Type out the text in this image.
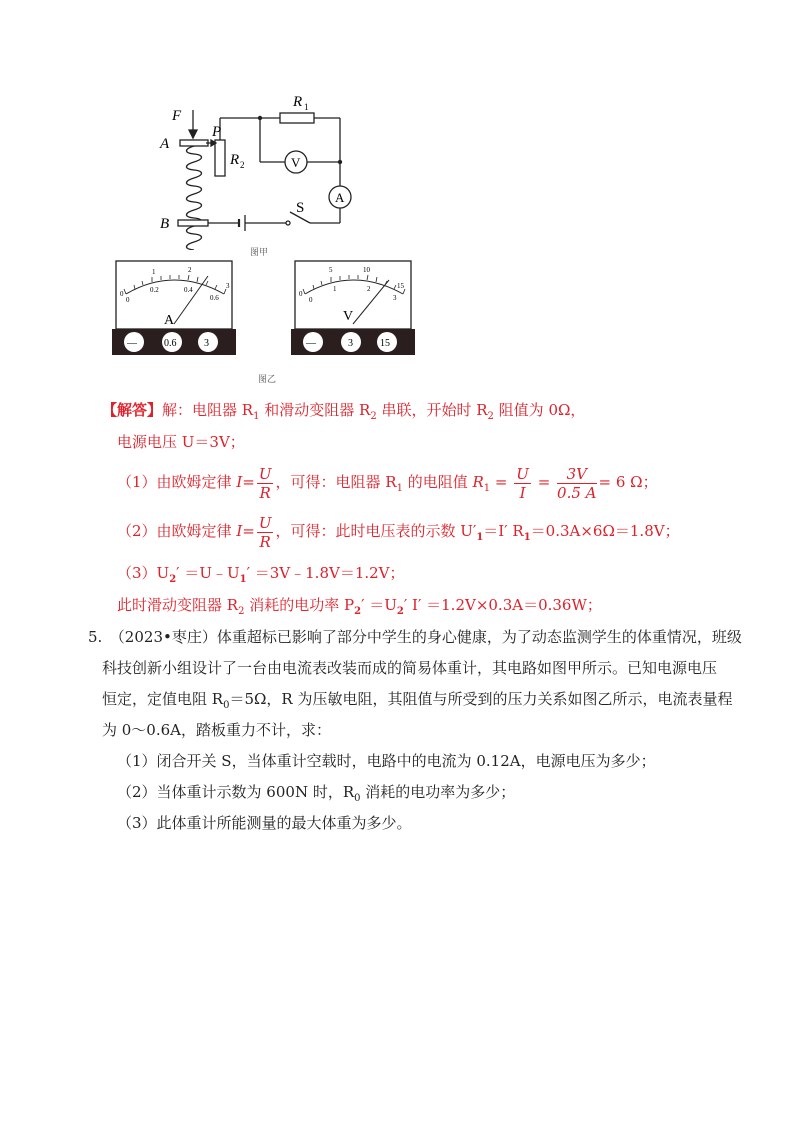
F
A
B
P
R 1
R 2	V
A
S
图甲
0
1	2
3
0
0.2	0.4
0.6
A
—	0.6	3
0
5	10
15
0
1	2
3
V
—	3	15
图乙
【解答】解：电阻器 $R_1$ 和滑动变阻器 $R_2$ 串联，开始时 $R_2$ 阻值为 0Ω，
电源电压 U＝3V；
（1）由欧姆定律 $I= \frac{U}{R}$ ，可得：电阻器 $R_1$ 的电阻值 $R_1 = \frac{U}{I} = \frac{3V}{0.5 A} = 6$ Ω；
（2）由欧姆定律 $I= \frac{U}{R}$ ，可得：此时电压表的示数 $U'_1=I'$ $R_1=0.3A\times 6\Omega=1.8V$；
$(3)U_2'$ $=U﹣U_1'$ ＝3V﹣1.8V＝1.2V；
此时滑动变阻器 $R_2$ 消耗的电功率 $P_2' =U_2'$ I′ ＝1.2V×0.3A＝0.36W；
5.　（2023•枣庄）体重超标已影响了部分中学生的身心健康，为了动态监测学生的体重情况，班级
科技创新小组设计了一台由电流表改装而成的简易体重计，其电路如图甲所示。已知电源电压
恒定，定值电阻 $R_0=5\Omega$，R 为压敏电阻，其阻值与所受到的压力关系如图乙所示，电流表量程
为 0～0.6A，踏板重力不计，求：
（1）闭合开关 S，当体重计空载时，电路中的电流为 0.12A，电源电压为多少；
（2）当体重计示数为 600N 时，$R_0$ 消耗的电功率为多少；
（3）此体重计所能测量的最大体重为多少。
